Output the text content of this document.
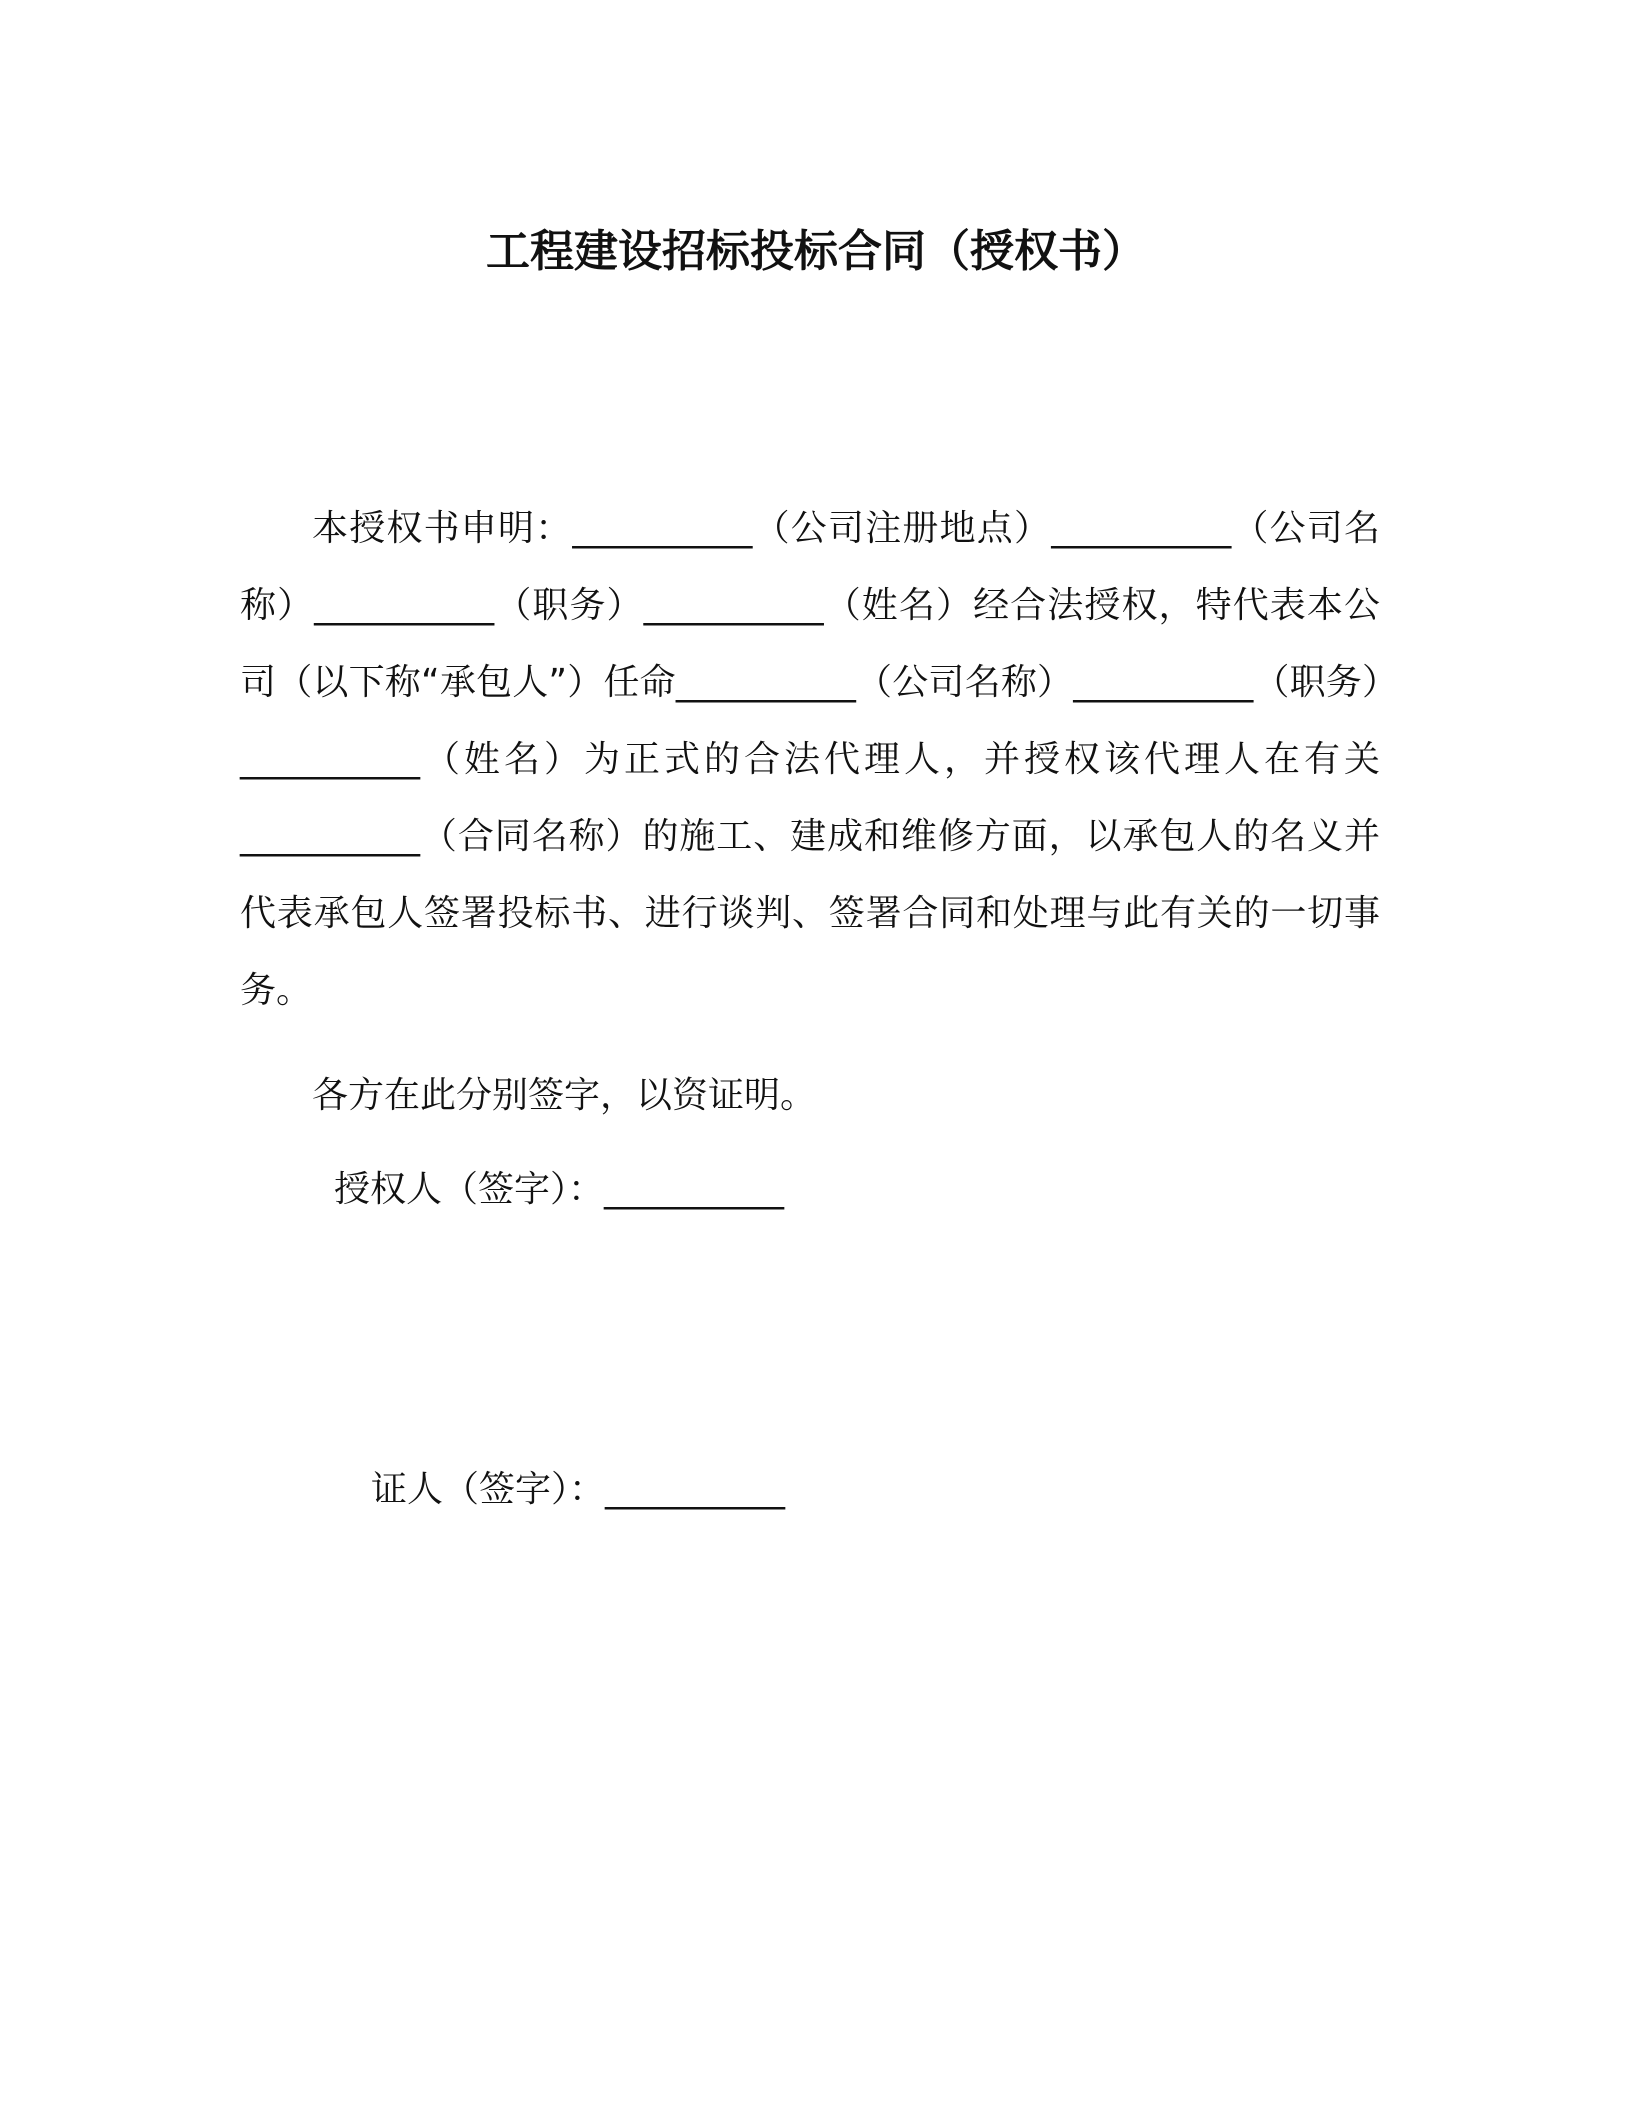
工程建设招标投标合同（授权书）

本授权书申明：__________（公司注册地点）__________（公司名称）__________（职务）__________（姓名）经合法授权，特代表本公司（以下称“承包人”）任命__________（公司名称）__________（职务）__________（姓名）为正式的合法代理人，并授权该代理人在有关__________（合同名称）的施工、建成和维修方面，以承包人的名义并代表承包人签署投标书、进行谈判、签署合同和处理与此有关的一切事务。

各方在此分别签字，以资证明。

授权人（签字）：__________
证人（签字）：__________
